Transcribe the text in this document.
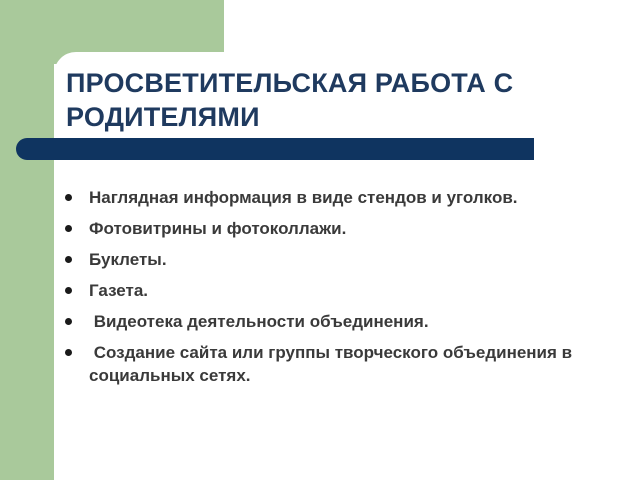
ПРОСВЕТИТЕЛЬСКАЯ РАБОТА С РОДИТЕЛЯМИ
Наглядная информация в виде стендов и уголков.
Фотовитрины и фотоколлажи.
Буклеты.
Газета.
Видеотека деятельности объединения.
Создание сайта или группы творческого объединения в социальных сетях.
